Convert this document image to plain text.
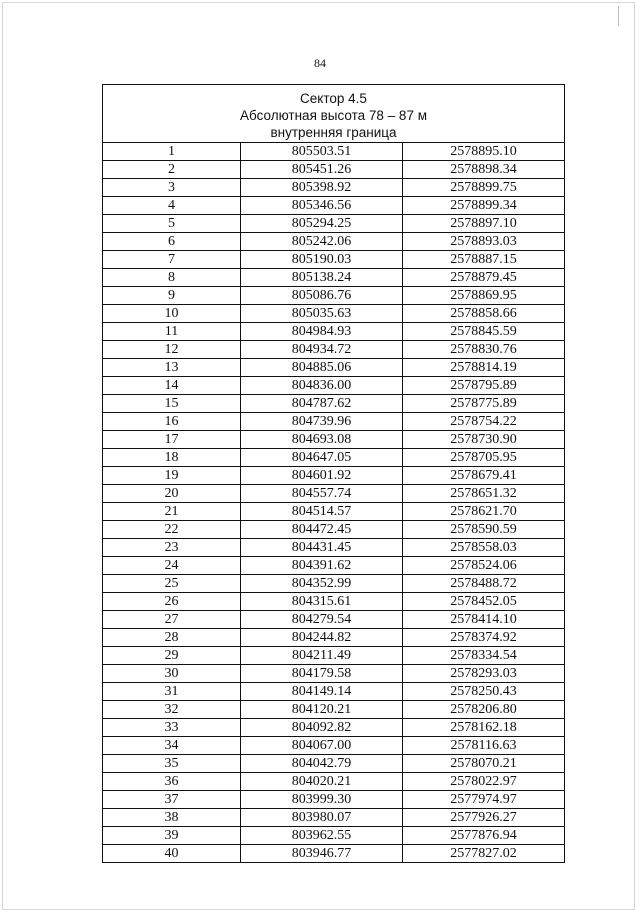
84
Сектор 4.5
Абсолютная высота 78 – 87 м
внутренняя граница		

1	805503.51	2578895.10
2	805451.26	2578898.34
3	805398.92	2578899.75
4	805346.56	2578899.34
5	805294.25	2578897.10
6	805242.06	2578893.03
7	805190.03	2578887.15
8	805138.24	2578879.45
9	805086.76	2578869.95
10	805035.63	2578858.66
11	804984.93	2578845.59
12	804934.72	2578830.76
13	804885.06	2578814.19
14	804836.00	2578795.89
15	804787.62	2578775.89
16	804739.96	2578754.22
17	804693.08	2578730.90
18	804647.05	2578705.95
19	804601.92	2578679.41
20	804557.74	2578651.32
21	804514.57	2578621.70
22	804472.45	2578590.59
23	804431.45	2578558.03
24	804391.62	2578524.06
25	804352.99	2578488.72
26	804315.61	2578452.05
27	804279.54	2578414.10
28	804244.82	2578374.92
29	804211.49	2578334.54
30	804179.58	2578293.03
31	804149.14	2578250.43
32	804120.21	2578206.80
33	804092.82	2578162.18
34	804067.00	2578116.63
35	804042.79	2578070.21
36	804020.21	2578022.97
37	803999.30	2577974.97
38	803980.07	2577926.27
39	803962.55	2577876.94
40	803946.77	2577827.02
